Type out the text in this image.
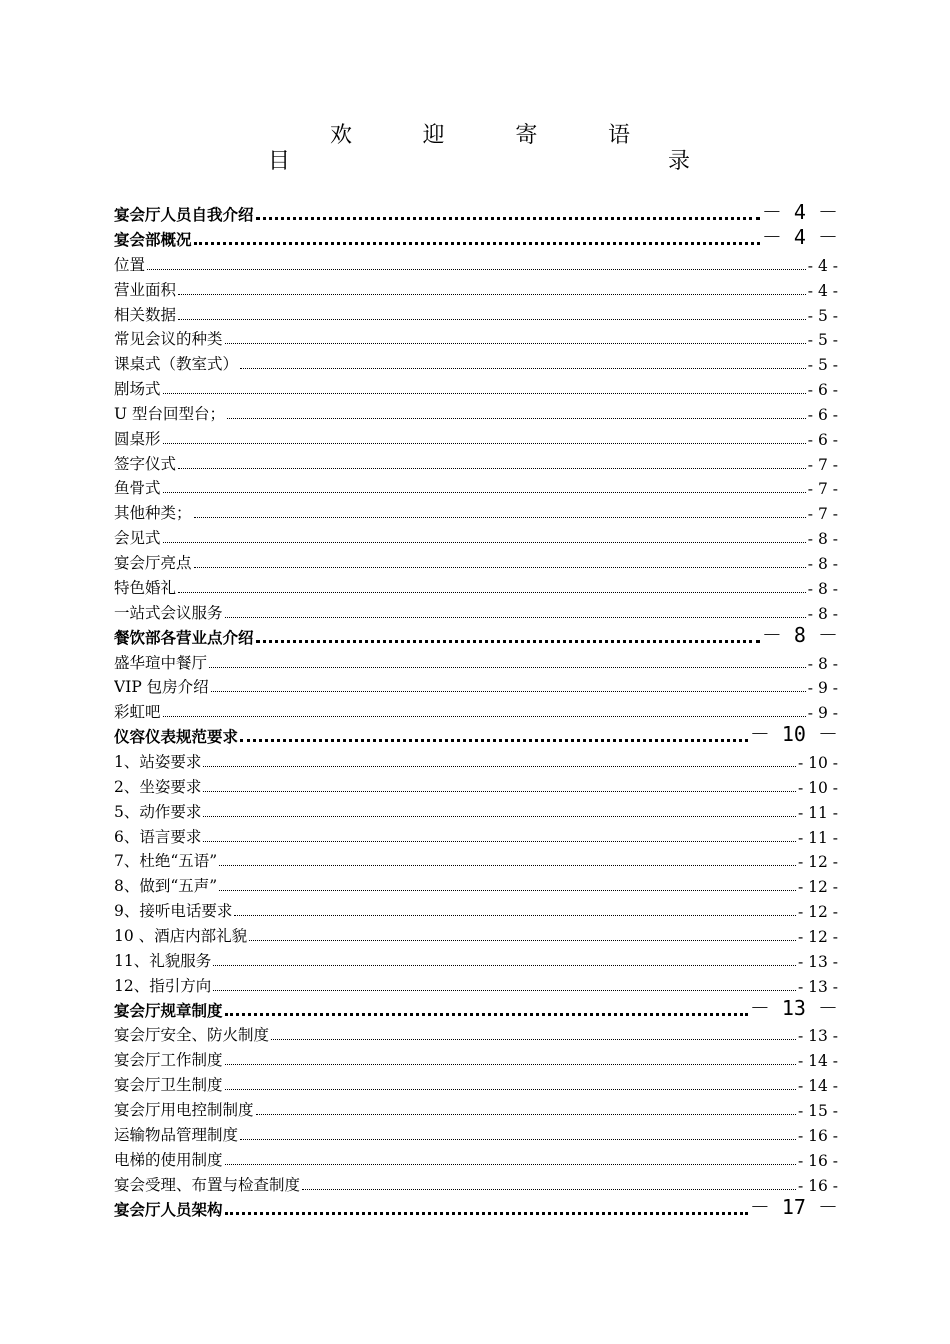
欢	迎	寄	语
目	录
宴会厅人员自我介绍	－ 4 －
宴会部概况	－ 4 －
位置	- 4 -
营业面积	- 4 -
相关数据	- 5 -
常见会议的种类	- 5 -
课桌式（教室式）	- 5 -
剧场式	- 6 -
U 型台回型台；	- 6 -
圆桌形	- 6 -
签字仪式	- 7 -
鱼骨式	- 7 -
其他种类；	- 7 -
会见式	- 8 -
宴会厅亮点	- 8 -
特色婚礼	- 8 -
一站式会议服务	- 8 -
餐饮部各营业点介绍	－ 8 －
盛华瑄中餐厅	- 8 -
VIP 包房介绍	- 9 -
彩虹吧	- 9 -
仪容仪表规范要求	－ 10 －
1、站姿要求	- 10 -
2、坐姿要求	- 10 -
5、动作要求	- 11 -
6、语言要求	- 11 -
7、杜绝“五语”	- 12 -
8、做到“五声”	- 12 -
9、接听电话要求	- 12 -
10 、酒店内部礼貌	- 12 -
11、礼貌服务	- 13 -
12、指引方向	- 13 -
宴会厅规章制度	－ 13 －
宴会厅安全、防火制度	- 13 -
宴会厅工作制度	- 14 -
宴会厅卫生制度	- 14 -
宴会厅用电控制制度	- 15 -
运输物品管理制度	- 16 -
电梯的使用制度	- 16 -
宴会受理、布置与检查制度	- 16 -
宴会厅人员架构	－ 17 －
